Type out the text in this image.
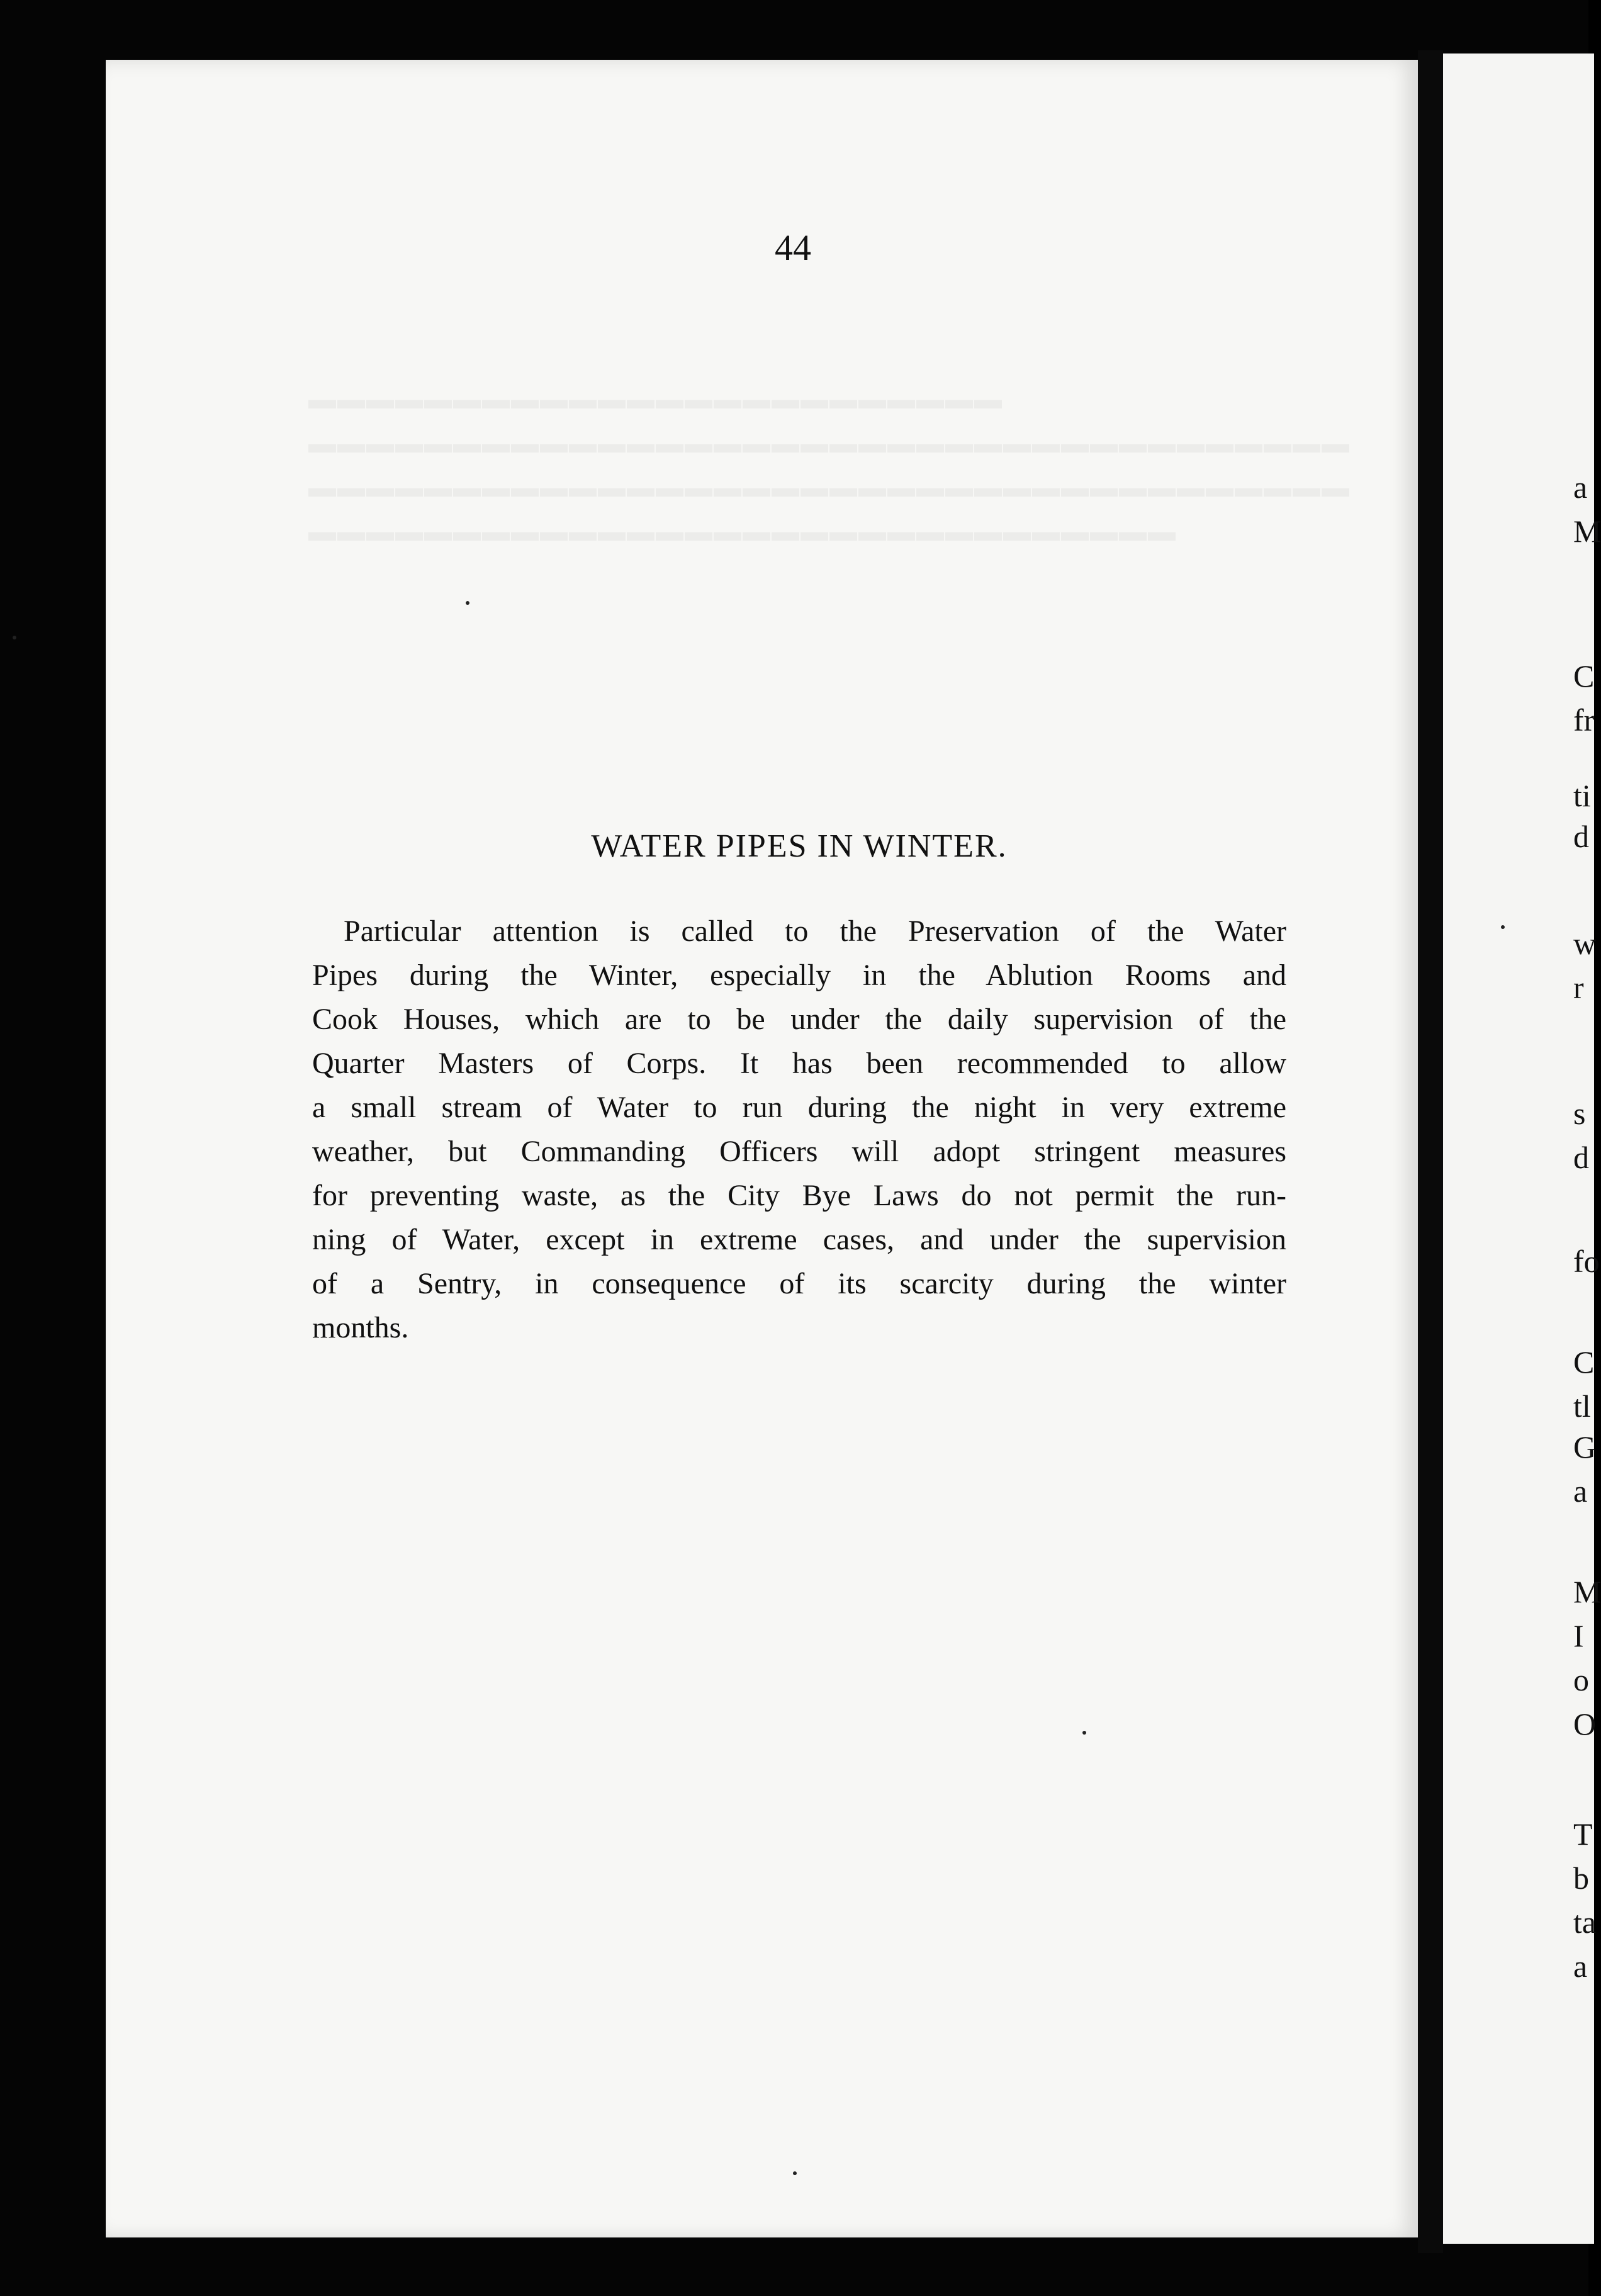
44
WATER PIPES IN WINTER.
Particular attention is called to the Preservation of the Water
Pipes during the Winter, especially in the Ablution Rooms and
Cook Houses, which are to be under the daily supervision of the
Quarter Masters of Corps. It has been recommended to allow
a small stream of Water to run during the night in very extreme
weather, but Commanding Officers will adopt stringent measures
for preventing waste, as the City Bye Laws do not permit the run-
ning of Water, except in extreme cases, and under the supervision
of a Sentry, in consequence of its scarcity during the winter
months.
a
M
C
fr
ti
d
w
r
s
d
fo
C
tl
G
a
M
I
o
O
T
b
ta
a
